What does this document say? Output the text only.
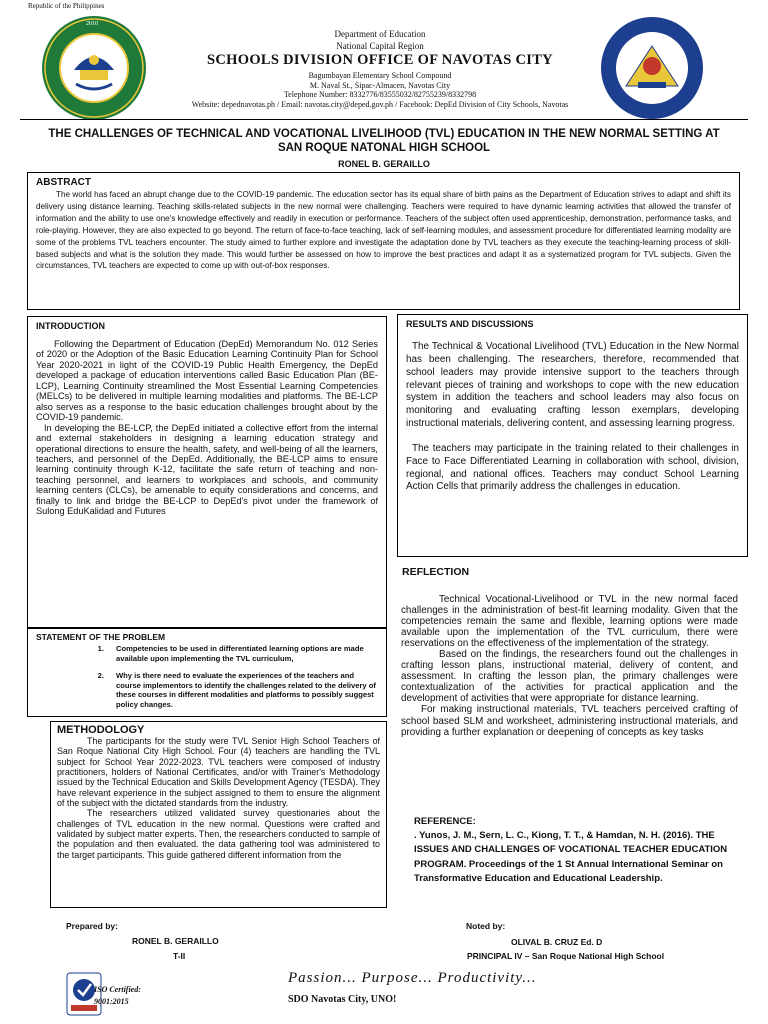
Republic of the Philippines
2010
Department of Education
National Capital Region
SCHOOLS DIVISION OFFICE OF NAVOTAS CITY
Bagumbayan Elementary School Compound
M. Naval St., Sipac-Almacen, Navotas City
Telephone Number: 8332776/83555032/82755239/8332798
Website: depednavotas.ph / Email: navotas.city@deped.gov.ph / Facebook: DepEd Division of City Schools, Navotas
THE CHALLENGES OF TECHNICAL AND VOCATIONAL LIVELIHOOD (TVL) EDUCATION IN THE NEW NORMAL SETTING AT SAN ROQUE NATONAL HIGH SCHOOL
RONEL B. GERAILLO
ABSTRACT
The world has faced an abrupt change due to the COVID-19 pandemic. The education sector has its equal share of birth pains as the Department of Education strives to adapt and shift its delivery using distance learning. Teaching skills-related subjects in the new normal were challenging. Teachers were required to have dynamic learning activities that allowed the transfer of information and the ability to use one's knowledge effectively and readily in execution or performance. Teachers of the subject often used apprenticeship, demonstration, performance tasks, and role-playing. However, they are also expected to go beyond. The return of face-to-face teaching, lack of self-learning modules, and assessment procedure for differentiated learning modality are some of the problems TVL teachers encounter. The study aimed to further explore and investigate the adaptation done by TVL teachers as they execute the teaching-learning process of skill-based subjects and what is the solution they made. This would further be assessed on how to improve the best practices and adapt it as a systematized program for TVL subjects. Given the circumstances, TVL teachers are expected to come up with out-of-box responses.
INTRODUCTION

Following the Department of Education (DepEd) Memorandum No. 012 Series of 2020 or the Adoption of the Basic Education Learning Continuity Plan for School Year 2020-2021 in light of the COVID-19 Public Health Emergency, the DepEd developed a package of education interventions called Basic Education Plan (BE-LCP), Learning Continuity streamlined the Most Essential Learning Competencies (MELCs) to be delivered in multiple learning modalities and platforms. The BE-LCP also serves as a response to the basic education challenges brought about by the COVID-19 pandemic.

In developing the BE-LCP, the DepEd initiated a collective effort from the internal and external stakeholders in designing a learning education strategy and operational directions to ensure the health, safety, and well-being of all the learners, teachers, and personnel of the DepEd. Additionally, the BE-LCP aims to ensure learning continuity through K-12, facilitate the safe return of teaching and non-teaching personnel, and learners to workplaces and schools, and community learning centers (CLCs), be amenable to equity considerations and concerns, and finally to link and bridge the BE-LCP to DepEd's pivot under the framework of Sulong EduKalidad and Futures

STATEMENT OF THE PROBLEM
1.	Competencies to be used in differentiated learning options are made available upon implementing the TVL curriculum,
2.	Why is there need to evaluate the experiences of the teachers and course implementors to identify the challenges related to the delivery of these courses in different modalities and platforms to possibly suggest policy changes.
METHODOLOGY
The participants for the study were TVL Senior High School Teachers of San Roque National City High School. Four (4) teachers are handling the TVL subject for School Year 2022-2023. TVL teachers were composed of industry practitioners, holders of National Certificates, and/or with Trainer's Methodology issued by the Technical Education and Skills Development Agency (TESDA). They have relevant experience in the subject assigned to them to ensure the alignment of the subject with the dictated standards from the industry.
The researchers utilized validated survey questionaries about the challenges of TVL education in the new normal. Questions were crafted and validated by subject matter experts. Then, the researchers conducted to sample of the population and then evaluated. the data gathering tool was administered to the target participants. This guide gathered different information from the
RESULTS AND DISCUSSIONS
The Technical & Vocational Livelihood (TVL) Education in the New Normal has been challenging. The researchers, therefore, recommended that school leaders may provide intensive support to the teachers through relevant pieces of training and workshops to cope with the new education system in addition the teachers and school leaders may also focus on monitoring and evaluating crafting lesson exemplars, developing instructional materials, delivering content, and assessing learning progress.
The teachers may participate in the training related to their challenges in Face to Face Differentiated Learning in collaboration with school, division, regional, and national offices. Teachers may conduct School Learning Action Cells that primarily address the challenges in education.
REFLECTION
Technical Vocational-Livelihood or TVL in the new normal faced challenges in the administration of best-fit learning modality. Given that the competencies remain the same and flexible, learning options were made available upon the implementation of the TVL curriculum, there were reservations on the effectiveness of the implementation of the strategy.
Based on the findings, the researchers found out the challenges in crafting lesson plans, instructional material, delivery of content, and assessment. In crafting the lesson plan, the primary challenges were contextualization of the activities for practical application and the development of activities that were appropriate for distance learning.
For making instructional materials, TVL teachers perceived crafting of school based SLM and worksheet, administering instructional materials, and providing a further explanation or deepening of concepts as key tasks
REFERENCE:
. Yunos, J. M., Sern, L. C., Kiong, T. T., & Hamdan, N. H. (2016). THE ISSUES AND CHALLENGES OF VOCATIONAL TEACHER EDUCATION PROGRAM. Proceedings of the 1 St Annual International Seminar on Transformative Education and Educational Leadership.
Prepared by:
RONEL B. GERAILLO
T-II
Noted by:
OLIVAL B. CRUZ Ed. D
PRINCIPAL IV – San Roque National High School
ISO Certified: 9001:2015
Passion... Purpose... Productivity...
SDO Navotas City, UNO!
